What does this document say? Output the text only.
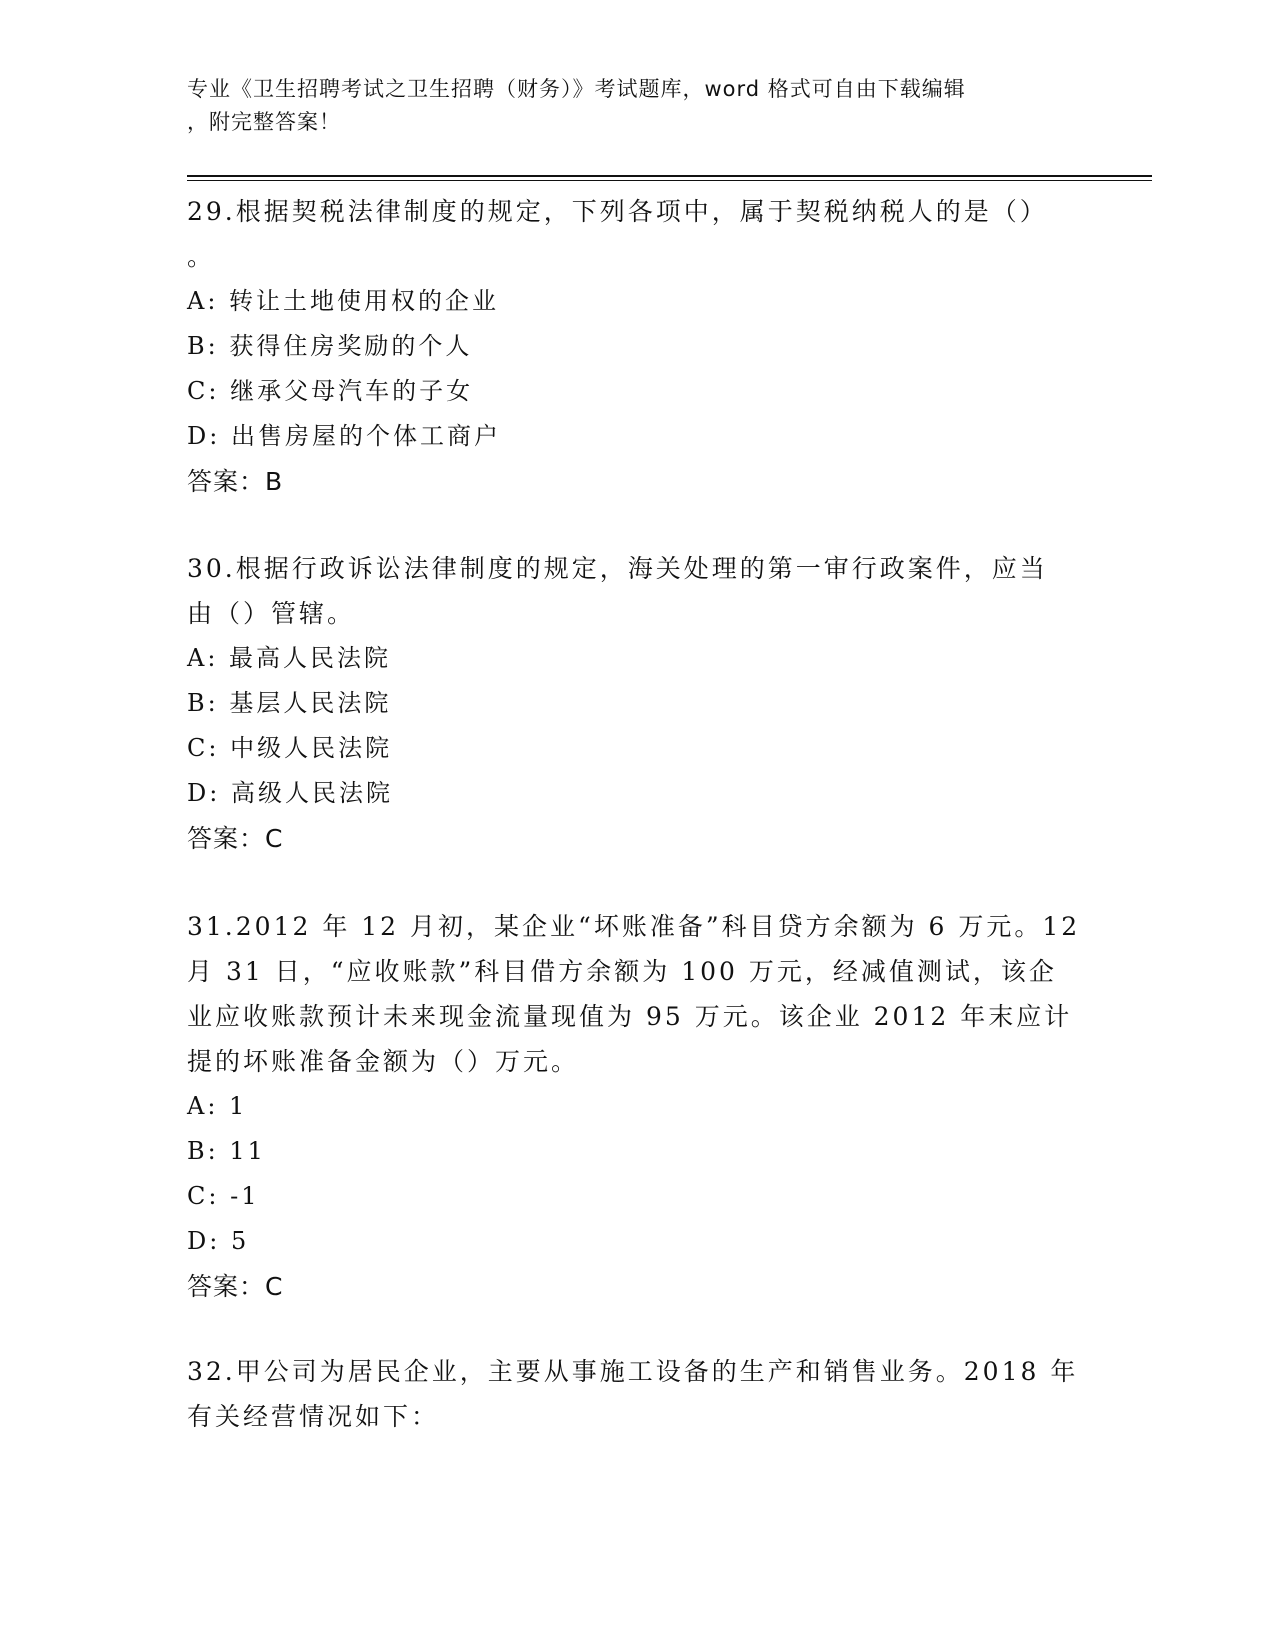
专业《卫生招聘考试之卫生招聘（财务）》考试题库，word 格式可自由下载编辑
，附完整答案！
29.根据契税法律制度的规定，下列各项中，属于契税纳税人的是（）
。
A: 转让土地使用权的企业
B: 获得住房奖励的个人
C: 继承父母汽车的子女
D: 出售房屋的个体工商户
答案：B
30.根据行政诉讼法律制度的规定，海关处理的第一审行政案件，应当
由（）管辖。
A: 最高人民法院
B: 基层人民法院
C: 中级人民法院
D: 高级人民法院
答案：C
31.2012 年 12 月初，某企业“坏账准备”科目贷方余额为 6 万元。12
月 31 日，“应收账款”科目借方余额为 100 万元，经减值测试，该企
业应收账款预计未来现金流量现值为 95 万元。该企业 2012 年末应计
提的坏账准备金额为（）万元。
A: 1
B: 11
C: -1
D: 5
答案：C
32.甲公司为居民企业，主要从事施工设备的生产和销售业务。2018 年
有关经营情况如下：
